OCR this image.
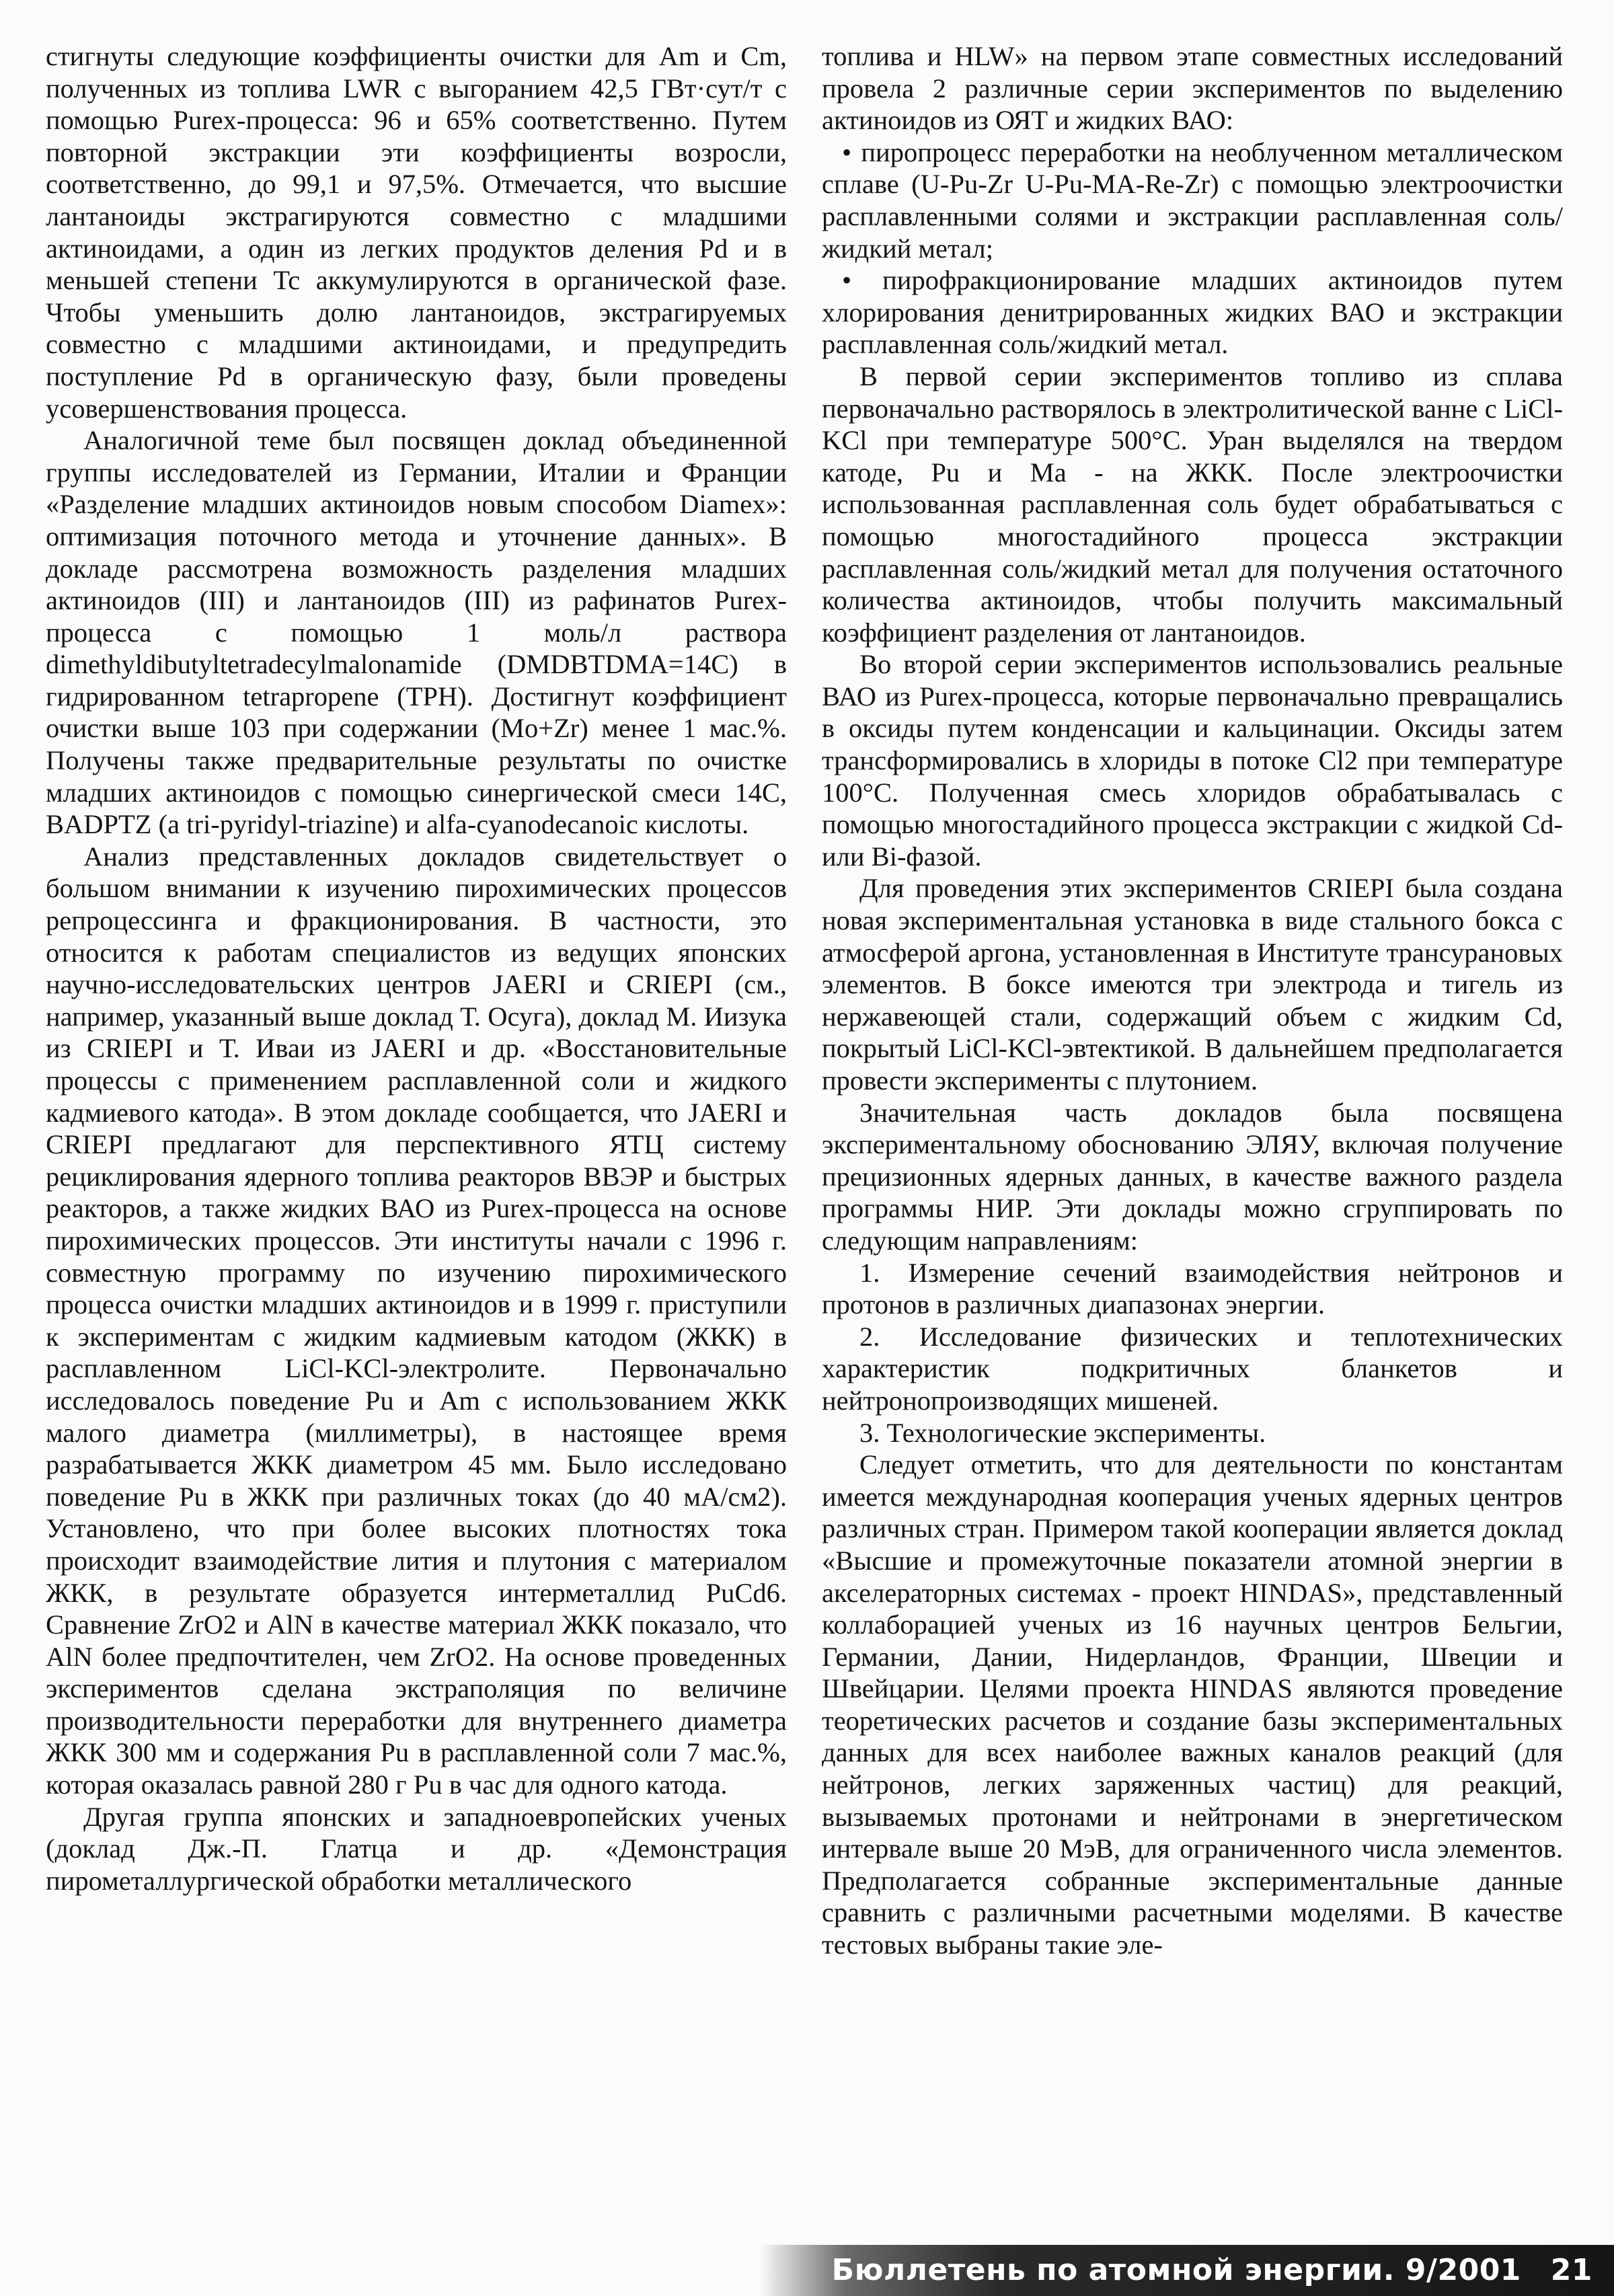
стигнуты следующие коэффициенты очистки для Am и Cm, полученных из топлива LWR с выгоранием 42,5 ГВт·сут/т с помощью Purex-процесса: 96 и 65% соответственно. Путем повторной экстракции эти коэффициенты возросли, соответственно, до 99,1 и 97,5%. Отмечается, что высшие лантаноиды экстрагируются совместно с младшими актиноидами, а один из легких продуктов деления Pd и в меньшей степени Tc аккумулируются в органической фазе. Чтобы уменьшить долю лантаноидов, экстрагируемых совместно с младшими актиноидами, и предупредить поступление Pd в органическую фазу, были проведены усовершенствования процесса.

Аналогичной теме был посвящен доклад объединенной группы исследователей из Германии, Италии и Франции «Разделение младших актиноидов новым способом Diamex»: оптимизация поточного метода и уточнение данных». В докладе рассмотрена возможность разделения младших актиноидов (III) и лантаноидов (III) из рафинатов Purex-процесса с помощью 1 моль/л раствора dimethyldibutyltetradecylmalonamide (DMDBTDMA=14C) в гидрированном tetrapropene (TPH). Достигнут коэффициент очистки выше 103 при содержании (Mo+Zr) менее 1 мас.%. Получены также предварительные результаты по очистке младших актиноидов с помощью синергической смеси 14C, BADPTZ (a tri-pyridyl-triazine) и alfa-cyanodecanoic кислоты.

Анализ представленных докладов свидетельствует о большом внимании к изучению пирохимических процессов репроцессинга и фракционирования. В частности, это относится к работам специалистов из ведущих японских научно-исследовательских центров JAERI и CRIEPI (см., например, указанный выше доклад Т. Осуга), доклад М. Иизука из CRIEPI и Т. Иваи из JAERI и др. «Восстановительные процессы с применением расплавленной соли и жидкого кадмиевого катода». В этом докладе сообщается, что JAERI и CRIEPI предлагают для перспективного ЯТЦ систему рециклирования ядерного топлива реакторов ВВЭР и быстрых реакторов, а также жидких ВАО из Purex-процесса на основе пирохимических процессов. Эти институты начали с 1996 г. совместную программу по изучению пирохимического процесса очистки младших актиноидов и в 1999 г. приступили к экспериментам с жидким кадмиевым катодом (ЖКК) в расплавленном LiCl-KCl-электролите. Первоначально исследовалось поведение Pu и Am с использованием ЖКК малого диаметра (миллиметры), в настоящее время разрабатывается ЖКК диаметром 45 мм. Было исследовано поведение Pu в ЖКК при различных токах (до 40 мА/см2). Установлено, что при более высоких плотностях тока происходит взаимодействие лития и плутония с материалом ЖКК, в результате образуется интерметаллид PuCd6. Сравнение ZrO2 и AlN в качестве материал ЖКК показало, что AlN более предпочтителен, чем ZrO2. На основе проведенных экспериментов сделана экстраполяция по величине производительности переработки для внутреннего диаметра ЖКК 300 мм и содержания Pu в расплавленной соли 7 мас.%, которая оказалась равной 280 г Pu в час для одного катода.

Другая группа японских и западноевропейских ученых (доклад Дж.-П. Глатца и др. «Демонстрация пирометаллургической обработки металлического

топлива и HLW» на первом этапе совместных исследований провела 2 различные серии экспериментов по выделению актиноидов из ОЯТ и жидких ВАО:

• пиропроцесс переработки на необлученном металлическом сплаве (U-Pu-Zr U-Pu-MA-Re-Zr) с помощью электроочистки расплавленными солями и экстракции расплавленная соль/жидкий метал;

• пирофракционирование младших актиноидов путем хлорирования денитрированных жидких ВАО и экстракции расплавленная соль/жидкий метал.

В первой серии экспериментов топливо из сплава первоначально растворялось в электролитической ванне с LiCl-KCl при температуре 500°C. Уран выделялся на твердом катоде, Pu и Ma - на ЖКК. После электроочистки использованная расплавленная соль будет обрабатываться с помощью многостадийного процесса экстракции расплавленная соль/жидкий метал для получения остаточного количества актиноидов, чтобы получить максимальный коэффициент разделения от лантаноидов.

Во второй серии экспериментов использовались реальные ВАО из Purex-процесса, которые первоначально превращались в оксиды путем конденсации и кальцинации. Оксиды затем трансформировались в хлориды в потоке Cl2 при температуре 100°C. Полученная смесь хлоридов обрабатывалась с помощью многостадийного процесса экстракции с жидкой Cd- или Bi-фазой.

Для проведения этих экспериментов CRIEPI была создана новая экспериментальная установка в виде стального бокса с атмосферой аргона, установленная в Институте трансурановых элементов. В боксе имеются три электрода и тигель из нержавеющей стали, содержащий объем с жидким Cd, покрытый LiCl-KCl-эвтектикой. В дальнейшем предполагается провести эксперименты с плутонием.

Значительная часть докладов была посвящена экспериментальному обоснованию ЭЛЯУ, включая получение прецизионных ядерных данных, в качестве важного раздела программы НИР. Эти доклады можно сгруппировать по следующим направлениям:

1. Измерение сечений взаимодействия нейтронов и протонов в различных диапазонах энергии.

2. Исследование физических и теплотехнических характеристик подкритичных бланкетов и нейтронопроизводящих мишеней.

3. Технологические эксперименты.

Следует отметить, что для деятельности по константам имеется международная кооперация ученых ядерных центров различных стран. Примером такой кооперации является доклад «Высшие и промежуточные показатели атомной энергии в акселераторных системах - проект HINDAS», представленный коллаборацией ученых из 16 научных центров Бельгии, Германии, Дании, Нидерландов, Франции, Швеции и Швейцарии. Целями проекта HINDAS являются проведение теоретических расчетов и создание базы экспериментальных данных для всех наиболее важных каналов реакций (для нейтронов, легких заряженных частиц) для реакций, вызываемых протонами и нейтронами в энергетическом интервале выше 20 МэВ, для ограниченного числа элементов. Предполагается собранные экспериментальные данные сравнить с различными расчетными моделями. В качестве тестовых выбраны такие эле-

Бюллетень по атомной энергии. 9/2001 21
